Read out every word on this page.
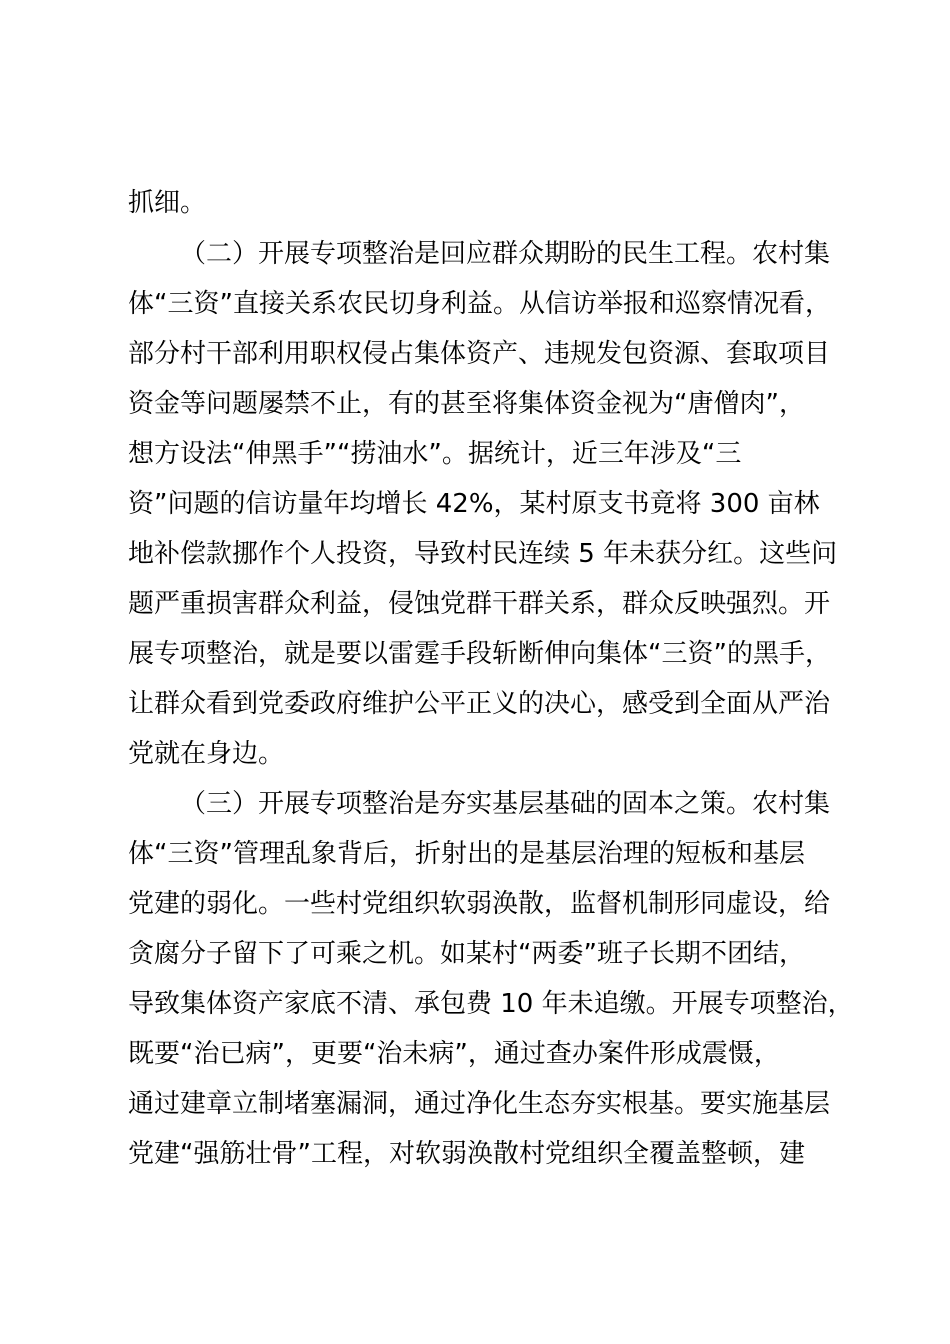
抓细。

（二）开展专项整治是回应群众期盼的民生工程。农村集

体“三资”直接关系农民切身利益。从信访举报和巡察情况看，

部分村干部利用职权侵占集体资产、违规发包资源、套取项目

资金等问题屡禁不止，有的甚至将集体资金视为“唐僧肉”，

想方设法“伸黑手”“捞油水”。据统计，近三年涉及“三

资”问题的信访量年均增长 42%，某村原支书竟将 300 亩林

地补偿款挪作个人投资，导致村民连续 5 年未获分红。这些问

题严重损害群众利益，侵蚀党群干群关系，群众反映强烈。开

展专项整治，就是要以雷霆手段斩断伸向集体“三资”的黑手，

让群众看到党委政府维护公平正义的决心，感受到全面从严治

党就在身边。

（三）开展专项整治是夯实基层基础的固本之策。农村集

体“三资”管理乱象背后，折射出的是基层治理的短板和基层

党建的弱化。一些村党组织软弱涣散，监督机制形同虚设，给

贪腐分子留下了可乘之机。如某村“两委”班子长期不团结，

导致集体资产家底不清、承包费 10 年未追缴。开展专项整治，

既要“治已病”，更要“治未病”，通过查办案件形成震慑，

通过建章立制堵塞漏洞，通过净化生态夯实根基。要实施基层

党建“强筋壮骨”工程，对软弱涣散村党组织全覆盖整顿，建
